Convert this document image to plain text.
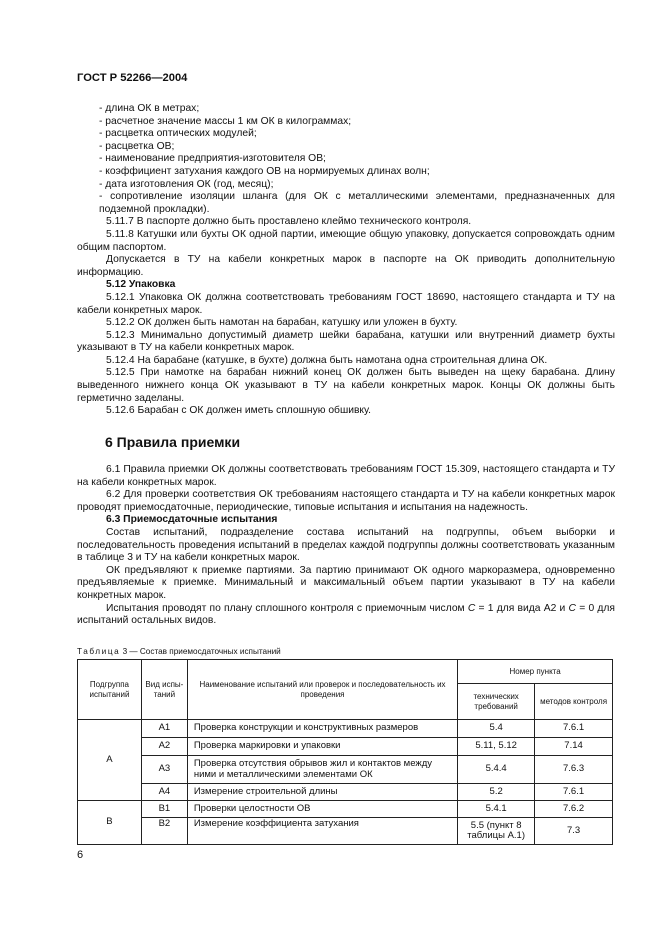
ГОСТ Р 52266—2004

- длина ОК в метрах;

- расчетное значение массы 1 км ОК в килограммах;

- расцветка оптических модулей;

- расцветка ОВ;

- наименование предприятия-изготовителя ОВ;

- коэффициент затухания каждого ОВ на нормируемых длинах волн;

- дата изготовления ОК (год, месяц);

- сопротивление изоляции шланга (для ОК с металлическими элементами, предназначенных для подземной прокладки).

5.11.7 В паспорте должно быть проставлено клеймо технического контроля.

5.11.8 Катушки или бухты ОК одной партии, имеющие общую упаковку, допускается сопровождать одним общим паспортом.

Допускается в ТУ на кабели конкретных марок в паспорте на ОК приводить дополнительную информацию.

5.12 Упаковка

5.12.1 Упаковка ОК должна соответствовать требованиям ГОСТ 18690, настоящего стандарта и ТУ на кабели конкретных марок.

5.12.2 ОК должен быть намотан на барабан, катушку или уложен в бухту.

5.12.3 Минимально допустимый диаметр шейки барабана, катушки или внутренний диаметр бухты указывают в ТУ на кабели конкретных марок.

5.12.4 На барабане (катушке, в бухте) должна быть намотана одна строительная длина ОК.

5.12.5 При намотке на барабан нижний конец ОК должен быть выведен на щеку барабана. Длину выведенного нижнего конца ОК указывают в ТУ на кабели конкретных марок. Концы ОК должны быть герметично заделаны.

5.12.6 Барабан с ОК должен иметь сплошную обшивку.

6 Правила приемки

6.1 Правила приемки ОК должны соответствовать требованиям ГОСТ 15.309, настоящего стандарта и ТУ на кабели конкретных марок.

6.2 Для проверки соответствия ОК требованиям настоящего стандарта и ТУ на кабели конкретных марок проводят приемосдаточные, периодические, типовые испытания и испытания на надежность.

6.3 Приемосдаточные испытания

Состав испытаний, подразделение состава испытаний на подгруппы, объем выборки и последовательность проведения испытаний в пределах каждой подгруппы должны соответствовать указанным в таблице 3 и ТУ на кабели конкретных марок.

ОК предъявляют к приемке партиями. За партию принимают ОК одного маркоразмера, одновременно предъявляемые к приемке. Минимальный и максимальный объем партии указывают в ТУ на кабели конкретных марок.

Испытания проводят по плану сплошного контроля с приемочным числом C = 1 для вида А2 и C = 0 для испытаний остальных видов.

Таблица 3 — Состав приемосдаточных испытаний
Подгруппа испытаний	Вид испы-таний	Наименование испытаний или проверок и последовательность их проведения	Номер пункта	
			технических требований	методов контроля
А	А1	Проверка конструкции и конструктивных размеров	5.4	7.6.1
	А2	Проверка маркировки и упаковки	5.11, 5.12	7.14
	А3	Проверка отсутствия обрывов жил и контактов между ними и металлическими элементами ОК	5.4.4	7.6.3
	А4	Измерение строительной длины	5.2	7.6.1
В	В1	Проверки целостности ОВ	5.4.1	7.6.2
	В2	Измерение коэффициента затухания	5.5 (пункт 8 таблицы А.1)	7.3
6
